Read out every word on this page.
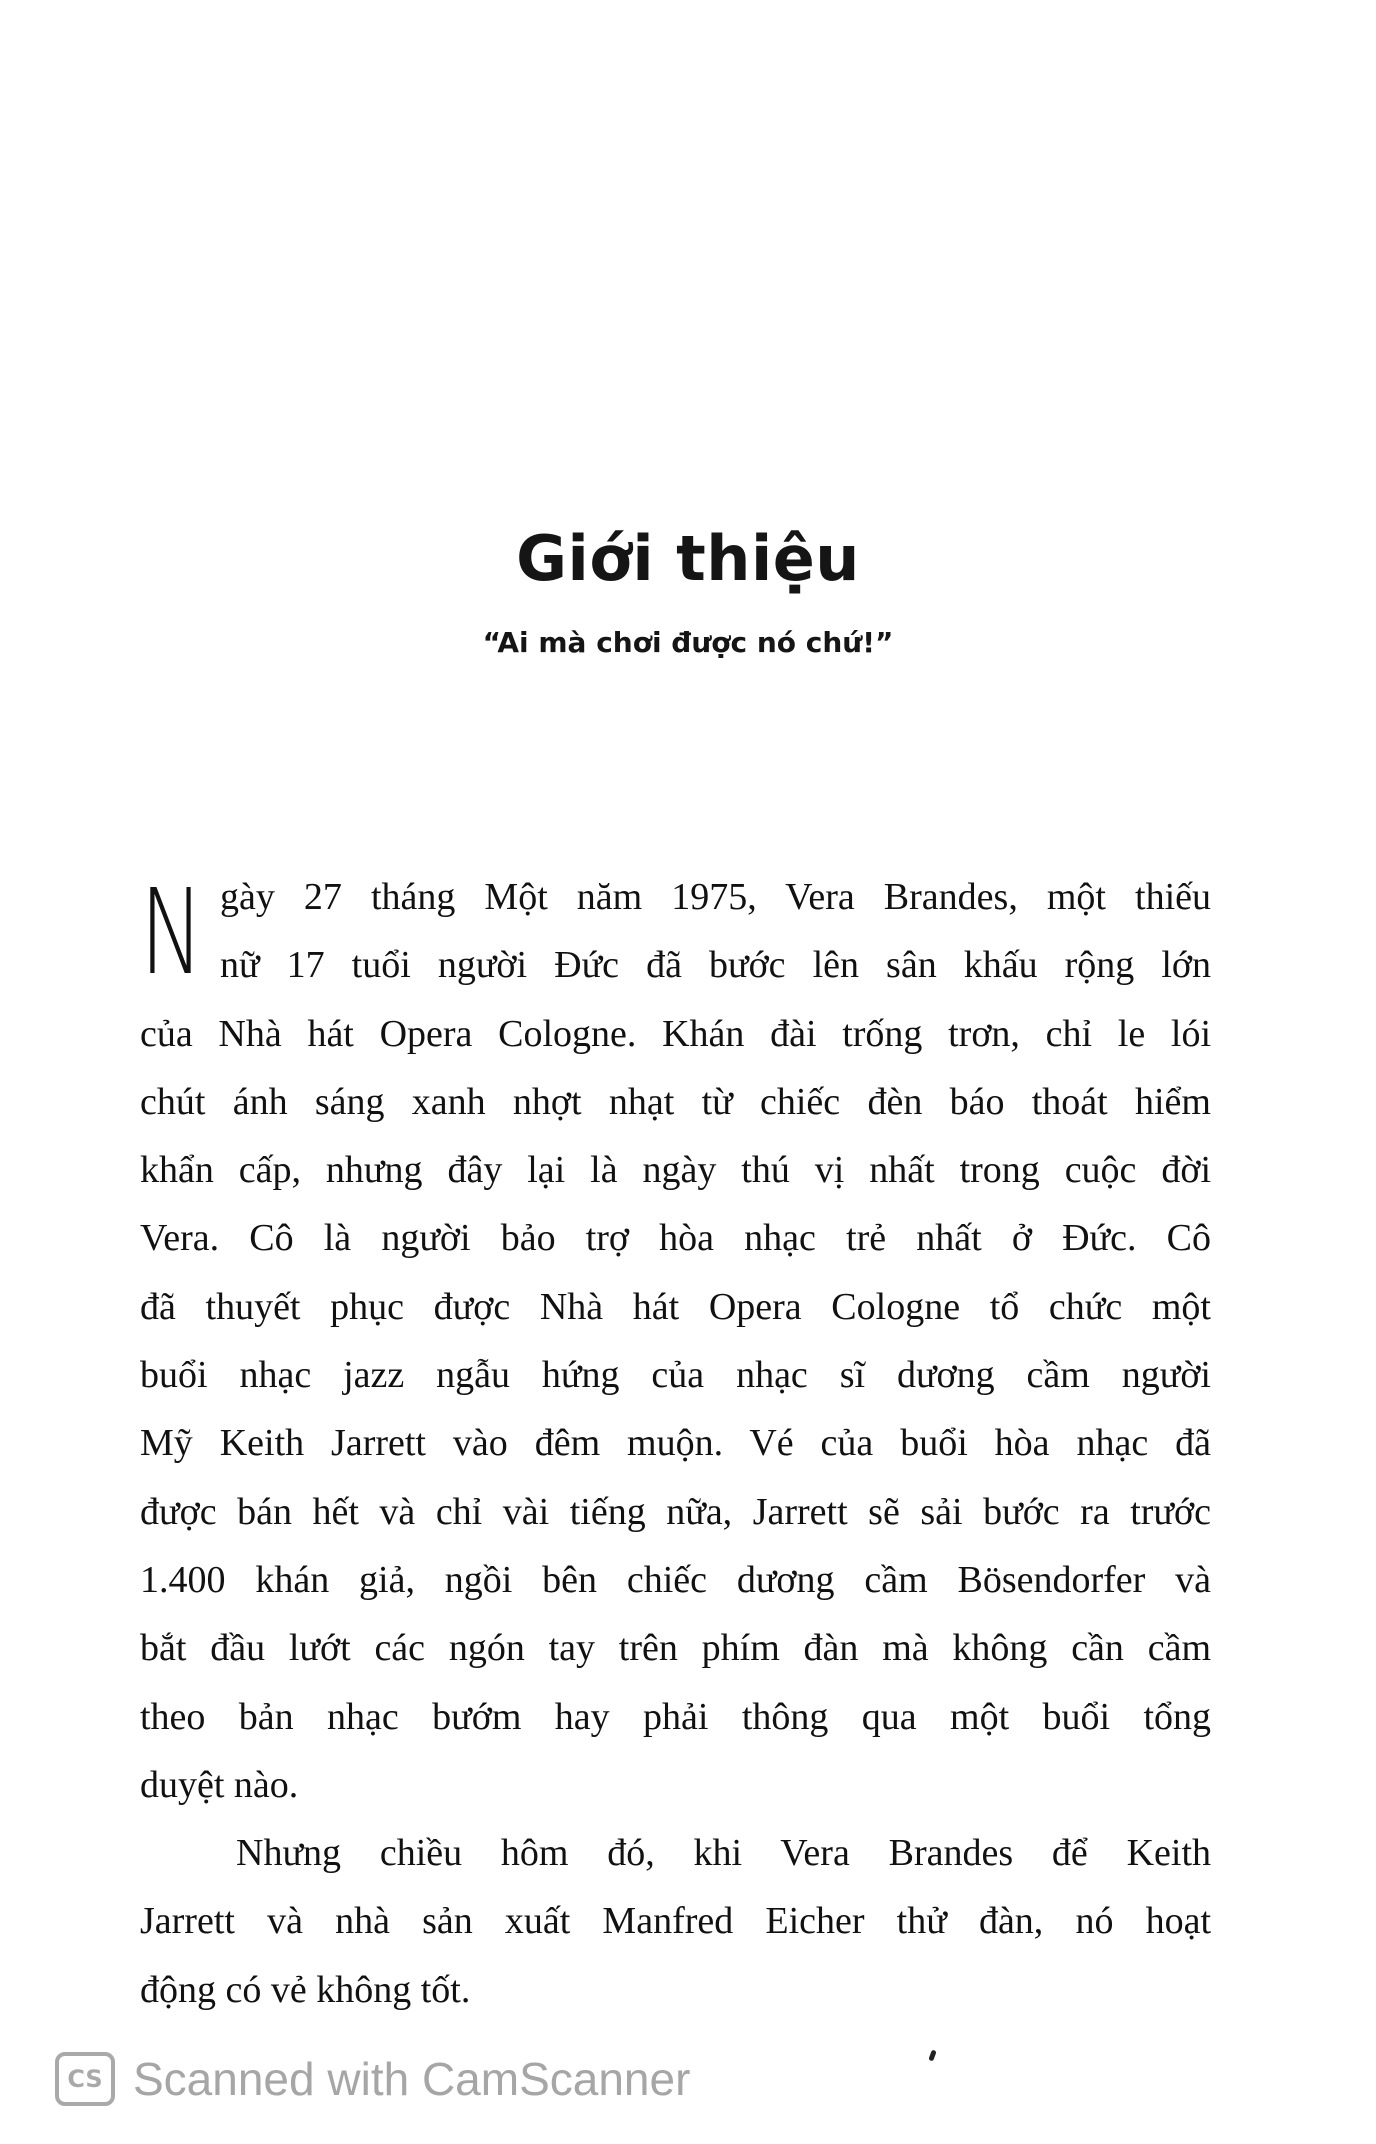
Giới thiệu
“Ai mà chơi được nó chứ!”
N gày 27 tháng Một năm 1975, Vera Brandes, một thiếu
nữ 17 tuổi người Đức đã bước lên sân khấu rộng lớn
của Nhà hát Opera Cologne. Khán đài trống trơn, chỉ le lói
chút ánh sáng xanh nhợt nhạt từ chiếc đèn báo thoát hiểm
khẩn cấp, nhưng đây lại là ngày thú vị nhất trong cuộc đời
Vera. Cô là người bảo trợ hòa nhạc trẻ nhất ở Đức. Cô
đã thuyết phục được Nhà hát Opera Cologne tổ chức một
buổi nhạc jazz ngẫu hứng của nhạc sĩ dương cầm người
Mỹ Keith Jarrett vào đêm muộn. Vé của buổi hòa nhạc đã
được bán hết và chỉ vài tiếng nữa, Jarrett sẽ sải bước ra trước
1.400 khán giả, ngồi bên chiếc dương cầm Bösendorfer và
bắt đầu lướt các ngón tay trên phím đàn mà không cần cầm
theo bản nhạc bướm hay phải thông qua một buổi tổng
duyệt nào.
Nhưng chiều hôm đó, khi Vera Brandes để Keith
Jarrett và nhà sản xuất Manfred Eicher thử đàn, nó hoạt
động có vẻ không tốt.
CS Scanned with CamScanner
